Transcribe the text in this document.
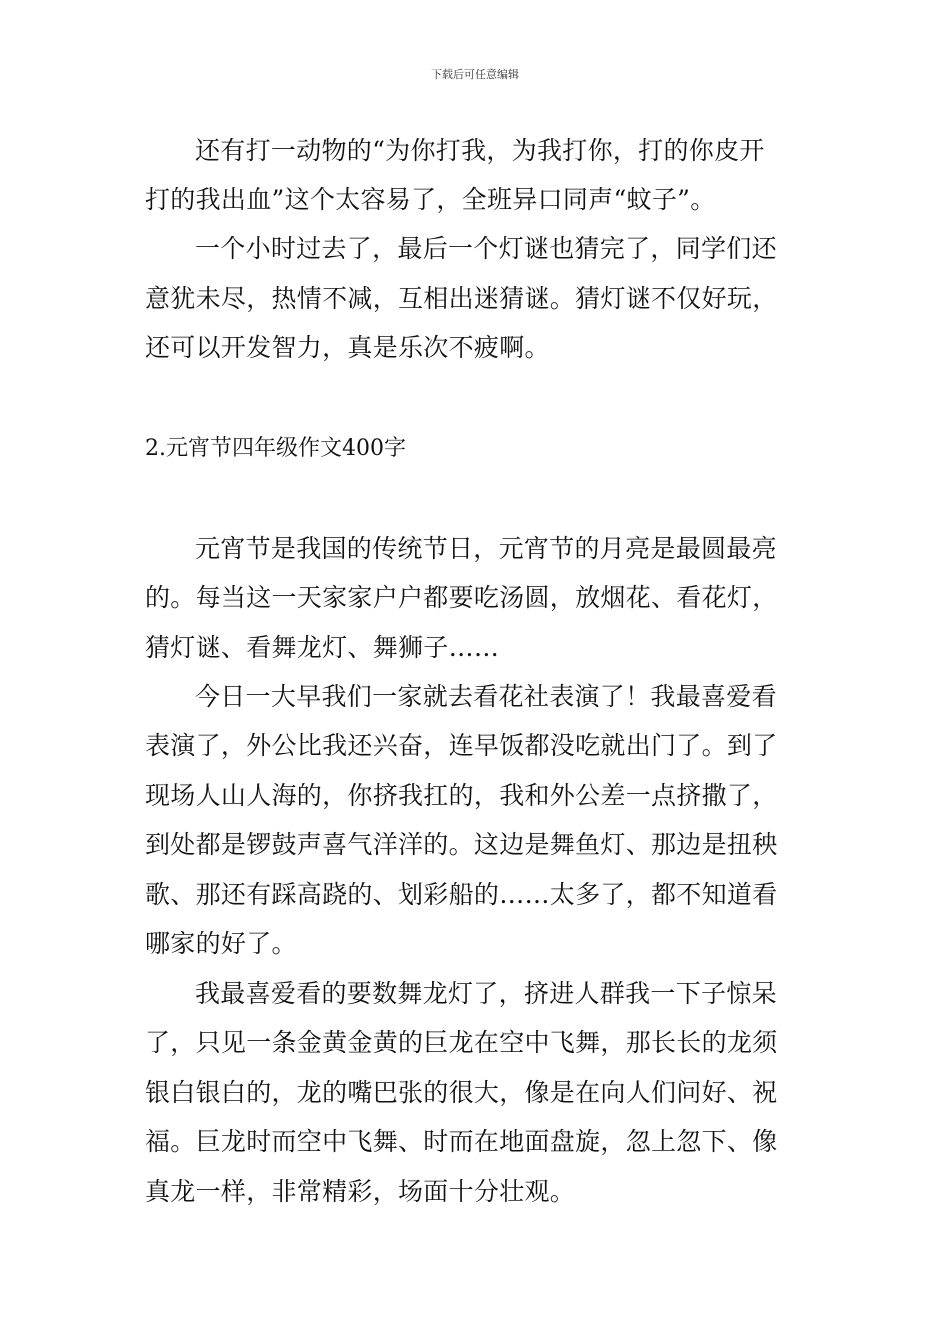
下载后可任意编辑
还有打一动物的“为你打我，为我打你，打的你皮开
打的我出血”这个太容易了，全班异口同声“蚊子”。
一个小时过去了，最后一个灯谜也猜完了，同学们还
意犹未尽，热情不减，互相出迷猜谜。猜灯谜不仅好玩，
还可以开发智力，真是乐次不疲啊。
2.元宵节四年级作文400字
元宵节是我国的传统节日，元宵节的月亮是最圆最亮
的。每当这一天家家户户都要吃汤圆，放烟花、看花灯，
猜灯谜、看舞龙灯、舞狮子……
今日一大早我们一家就去看花社表演了！我最喜爱看
表演了，外公比我还兴奋，连早饭都没吃就出门了。到了
现场人山人海的，你挤我扛的，我和外公差一点挤撒了，
到处都是锣鼓声喜气洋洋的。这边是舞鱼灯、那边是扭秧
歌、那还有踩高跷的、划彩船的……太多了，都不知道看
哪家的好了。
我最喜爱看的要数舞龙灯了，挤进人群我一下子惊呆
了，只见一条金黄金黄的巨龙在空中飞舞，那长长的龙须
银白银白的，龙的嘴巴张的很大，像是在向人们问好、祝
福。巨龙时而空中飞舞、时而在地面盘旋，忽上忽下、像
真龙一样，非常精彩，场面十分壮观。
